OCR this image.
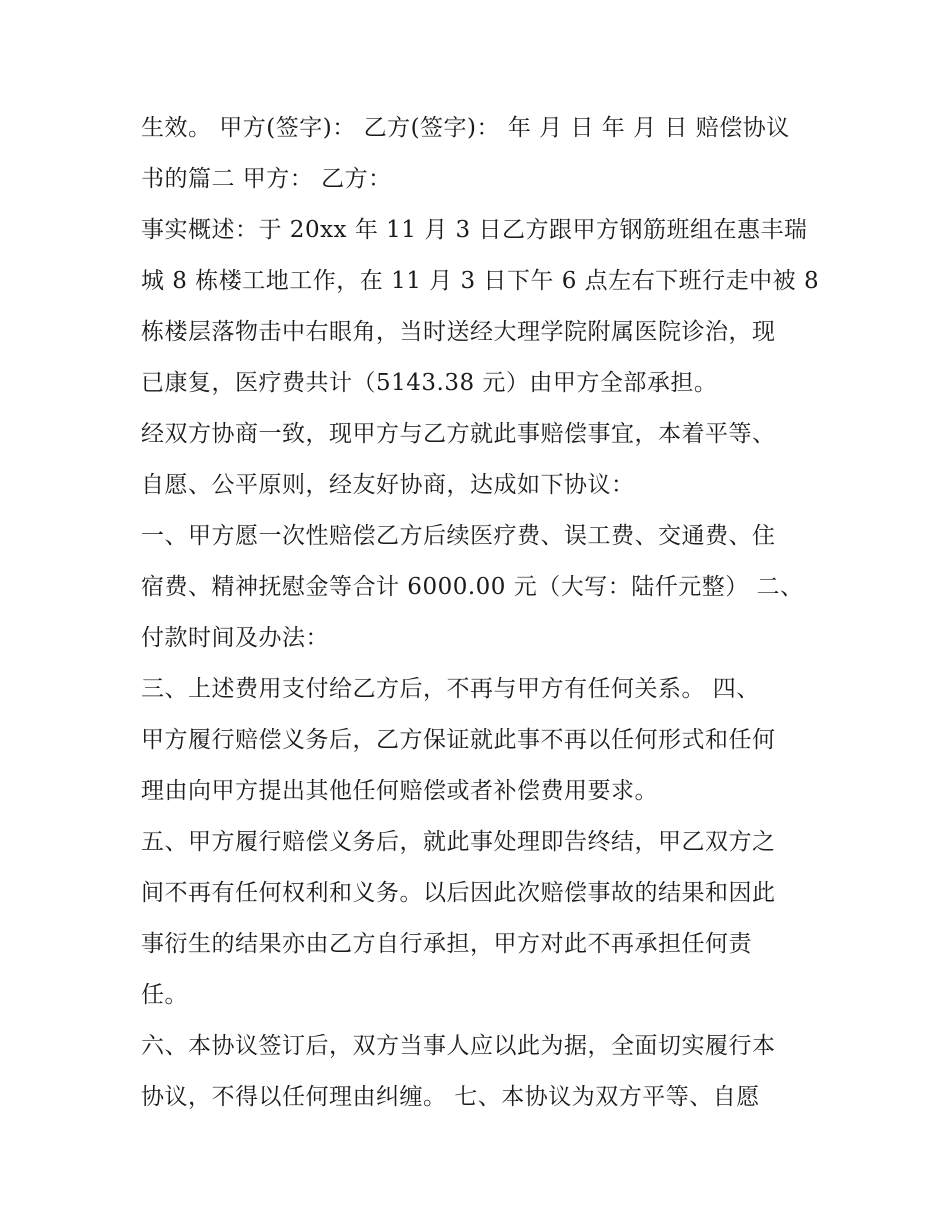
生效。 甲方(签字)： 乙方(签字)： 年 月 日 年 月 日 赔偿协议
书的篇二 甲方： 乙方：
事实概述：于 20xx 年 11 月 3 日乙方跟甲方钢筋班组在惠丰瑞
城 8 栋楼工地工作，在 11 月 3 日下午 6 点左右下班行走中被 8
栋楼层落物击中右眼角，当时送经大理学院附属医院诊治，现
已康复，医疗费共计（5143.38 元）由甲方全部承担。
经双方协商一致，现甲方与乙方就此事赔偿事宜，本着平等、
自愿、公平原则，经友好协商，达成如下协议：
一、甲方愿一次性赔偿乙方后续医疗费、误工费、交通费、住
宿费、精神抚慰金等合计 6000.00 元（大写：陆仟元整） 二、
付款时间及办法：
三、上述费用支付给乙方后，不再与甲方有任何关系。 四、
甲方履行赔偿义务后，乙方保证就此事不再以任何形式和任何
理由向甲方提出其他任何赔偿或者补偿费用要求。
五、甲方履行赔偿义务后，就此事处理即告终结，甲乙双方之
间不再有任何权利和义务。以后因此次赔偿事故的结果和因此
事衍生的结果亦由乙方自行承担，甲方对此不再承担任何责
任。
六、本协议签订后，双方当事人应以此为据，全面切实履行本
协议，不得以任何理由纠缠。 七、本协议为双方平等、自愿
